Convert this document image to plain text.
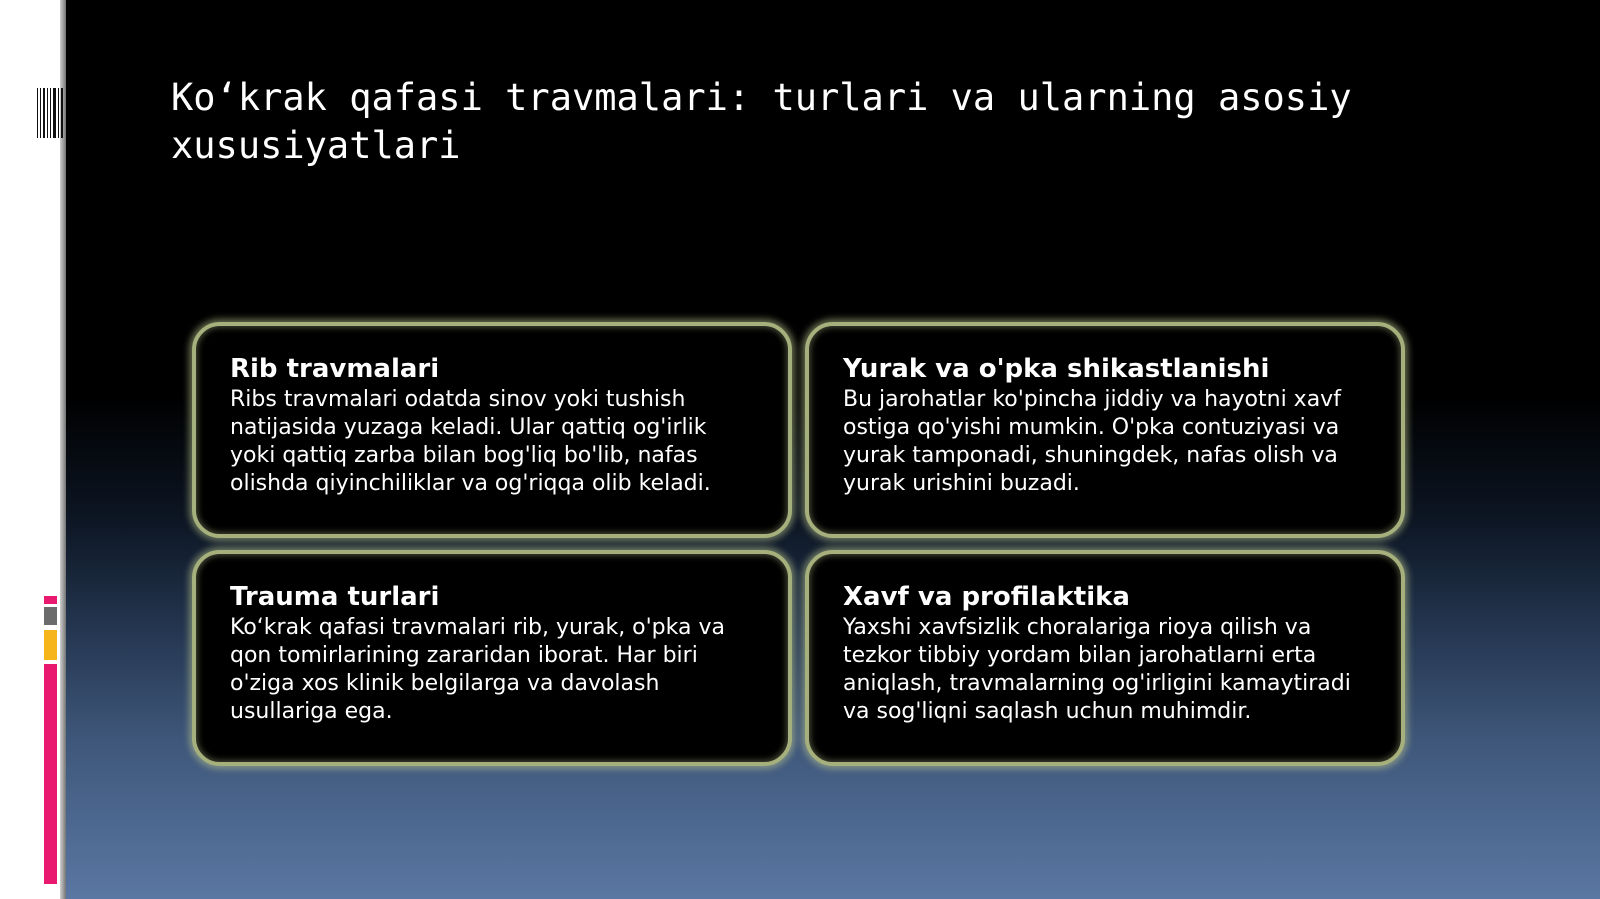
Ko‘krak qafasi travmalari: turlari va ularning asosiy xususiyatlari

Rib travmalari

Ribs travmalari odatda sinov yoki tushish natijasida yuzaga keladi. Ular qattiq og'irlik yoki qattiq zarba bilan bog'liq bo'lib, nafas olishda qiyinchiliklar va og'riqqa olib keladi.

Yurak va o'pka shikastlanishi

Bu jarohatlar ko'pincha jiddiy va hayotni xavf ostiga qo'yishi mumkin. O'pka contuziyasi va yurak tamponadi, shuningdek, nafas olish va yurak urishini buzadi.

Trauma turlari

Ko‘krak qafasi travmalari rib, yurak, o'pka va qon tomirlarining zararidan iborat. Har biri o'ziga xos klinik belgilarga va davolash usullariga ega.

Xavf va profilaktika

Yaxshi xavfsizlik choralariga rioya qilish va tezkor tibbiy yordam bilan jarohatlarni erta aniqlash, travmalarning og'irligini kamaytiradi va sog'liqni saqlash uchun muhimdir.
